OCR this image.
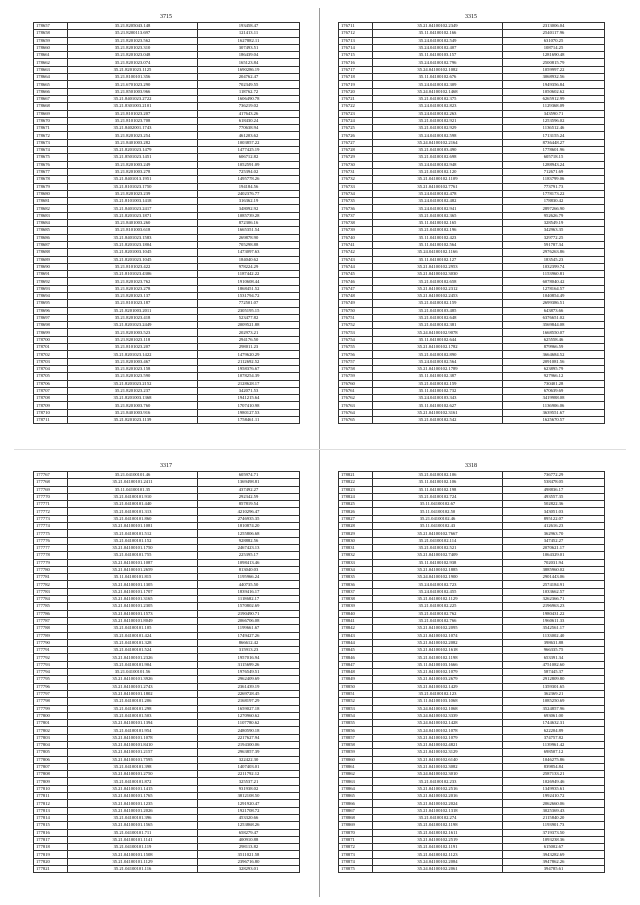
3715
178657	35.21.8205043.148	193458.47
178658	35.21.8200113.697	121413.11
178659	35.21.8201023.562	1627882.11
178660	35.21.8201023.310	307493.51
178661	35.21.8201023.048	186439.04
178662	35.21.8201023.074	165123.84
178663	35.21.8201023.1125	1690286.19
178664	35.21.8100101.356	204762.47
178665	35.21.6701023.290	702349.55
178666	35.21.8501003.966	118762.72
178667	35.21.8401023.2722	1606490.78
178668	35.21.8301003.2101	736219.02
178669	35.21.8101023.207	417643.26
178670	35.21.8101023.708	618430.24
178671	35.21.8402001.1743	770638.94
178672	35.21.8201023.254	461203.62
178673	35.21.8401003.282	1003857.22
178674	35.21.8201023.1479	1477425.19
178675	35.21.8501023.1451	606712.82
178676	35.21.8201003.249	1052591.09
178677	35.21.8201003.278	725394.02
178678	35.21.8401013.1951	1495778.26
178679	35.21.8101023.1750	194184.56
178680	35.21.8201023.239	2402376.77
178681	35.21.8101003.1418	316362.19
178682	35.21.8401023.2417	348092.92
178683	35.21.8201023.1871	1085739.28
178684	35.21.8401003.260	872306.16
178685	35.21.8101003.618	1665351.54
178686	35.21.8401023.1583	269878.90
178687	35.21.8201023.1804	705298.88
178688	35.21.8201003.1045	1473097.63
178689	35.21.8201023.1045	184040.62
178690	35.21.8101023.422	978224.29
178691	35.21.8101023.4306	1187442.22
178692	35.21.8201023.762	1910608.44
178693	35.21.8201023.278	1868451.52
178694	35.21.8201023.137	1531794.72
178695	35.21.8101023.187	772501.07
178696	35.21.8201003.2011	2305195.15
178697	35.21.8201023.418	523477.82
178698	35.21.8201023.2449	2009521.88
178699	35.21.8201003.523	202973.21
178700	35.21.8201023.118	294176.50
178701	35.21.8101023.207	298011.23
178702	35.21.8201023.1422	1479620.29
178703	35.21.8201003.467	2112692.52
178704	35.21.8201023.158	1958376.67
178705	35.21.8201023.590	1078254.39
178706	35.21.8201023.2152	2128628.17
178707	35.21.8201023.237	342071.53
178708	35.21.8201003.1368	1941215.64
178709	35.21.8201003.760	1707410.98
178710	35.21.8401003.916	1980127.53
178711	35.21.8201023.1139	1758461.11
3315
176711	35.21.04100102.2349	2313006.04
176712	35.11.04100102.166	2540117.96
176713	35.24.04100102.549	631070.25
176714	35.24.04100102.407	108714.25
176715	35.11.04100103.157	1281690.48
176716	35.24.04100102.796	2500815.79
176717	35.24.04100102.1082	1059997.22
176718	35.11.04100102.676	3068932.56
176719	35.24.04100102.309	1949356.84
176720	35.24.04100102.1468	1050602.62
176721	35.21.04100102.375	6265912.99
176722	35.24.04100102.823	1129368.09
176723	35.24.04100102.263	343590.71
176724	35.21.04100102.921	1253596.02
176725	35.21.04100102.929	1136512.46
176726	35.24.04100102.598	1713155.24
176727	35.24.04100102.2164	8736448.27
176728	35.21.04100103.490	1778601.96
176729	35.21.04100102.698	605718.15
176730	35.24.04100102.948	1288943.24
176731	35.21.04100102.120	712671.69
176732	35.21.04100102.1109	1183799.06
176733	35.21.04100102.7761	773791.73
176734	35.24.04100102.478	1778173.22
176735	35.24.04100102.482	178830.42
176736	35.24.04100102.941	2897266.90
176737	35.21.04100102.365	952626.79
176738	35.11.04100102.165	328549.19
176739	35.21.04100102.196	342963.35
176740	35.11.04100102.423	329772.25
176741	35.11.04100102.564	591787.34
176742	35.24.04100102.1166	2976263.86
176743	35.11.04100102.127	183545.23
176744	35.21.04100102.2953	1032399.74
176745	35.21.04100102.3030	1153960.81
176746	35.21.04100102.658	6078040.42
176747	35.21.04100102.2312	1278164.57
176748	35.21.04100102.2453	1040854.49
176749	35.21.04100102.159	2699386.51
176750	35.21.04100103.485	643873.66
176751	35.21.04100102.648	6376651.02
176752	35.21.04100102.381	3569844.08
176753	35.24.04100102.9078	1668550.07
176754	35.11.04100102.644	625558.46
176755	35.21.04100102.1782	879966.59
176756	35.21.04100102.890	3664684.52
176757	35.24.04100102.564	2091081.56
176758	35.21.04100102.1789	623895.79
176759	35.11.04100102.387	927966.12
176760	35.21.04100102.159	730401.28
176761	35.11.04100102.732	670639.69
176762	35.24.04100103.343	3419988.08
176763	35.11.04100102.627	1136906.06
176764	35.21.04100102.3161	3639551.67
176765	35.21.04100102.542	1625670.57
3317
177767	35.21.04100101.46	605974.71
177768	35.21.04100101.2411	1369498.81
177769	35.11.04100101.35	437492.27
177770	35.21.04100101.910	292342.59
177771	35.21.04100101.440	857819.54
177772	35.21.04100101.313	4210296.47
177773	35.21.04100101.860	2746935.35
177774	35.21.04100101.1081	1810874.20
177775	35.21.04100101.512	1255806.68
177776	35.21.04100101.152	928882.56
177777	35.21.04100101.1750	2467423.13
177778	35.21.04100101.755	225395.17
177779	35.21.04100101.1087	1098413.46
177780	35.21.04100101.2659	813040.03
177781	35.11.04100101.815	1195966.24
177782	35.21.04100101.1305	440735.50
177783	35.21.04100101.1707	1839416.17
177784	35.21.04100101.3165	1118682.17
177785	35.21.04100101.2305	1570802.69
177786	35.21.04100101.1573	2190490.71
177787	35.21.04100101.8049	2066706.08
177788	35.21.04100101.105	1199661.67
177789	35.21.04100101.424	1749427.26
177790	35.21.04100101.328	866612.42
177791	35.21.04100101.524	315913.23
177792	35.21.04100101.2326	1957016.94
177793	35.21.04100101.904	3115699.26
177794	35.21.04100101.56	1976549.51
177795	35.21.04100101.3926	2962409.69
177796	35.21.04100101.2743	2361439.19
177797	35.21.04100101.1802	2269728.45
177798	35.21.04100101.206	2168197.29
177799	35.21.04100101.298	1659027.18
177800	35.21.04100101.503	1270960.62
177801	35.21.04100101.1394	1107780.62
177802	35.21.04100101.954	2480590.18
177803	35.21.04100101.1078	2217627.94
177804	35.21.04100101.8410	2194300.06
177805	35.21.04100101.2157	2963857.39
177806	35.21.04100101.7595	322422.30
177807	35.21.04100101.398	1407403.01
177808	35.21.04100101.2750	2211792.12
177809	35.21.04100101.872	325537.21
177810	35.21.04100101.1415	931938.02
177811	35.21.04100101.1765	3812108.50
177812	35.21.04100101.1235	1291920.47
177813	35.21.04100101.2026	1921708.72
177814	35.21.04100101.396	453320.66
177815	35.21.04100101.1565	1253868.26
177816	35.21.04100101.711	658279.47
177817	35.21.04100101.1141	400910.88
177818	35.21.04100101.119	298113.82
177819	35.21.04100101.1508	3511021.58
177820	35.21.04100101.1129	2396716.80
177821	35.21.04100101.116	328293.01
3318
178821	35.21.04100102.106	736772.29
178822	35.11.04100102.106	538478.05
178823	35.11.04100102.198	498836.17
178824	35.21.04100102.724	493557.35
178825	35.11.04100102.67	502822.36
178826	35.11.04100102.50	343051.03
178827	35.21.04100102.46	895122.07
178828	35.11.04100102.43	412616.23
178829	35.21.04100102.7667	362963.70
178830	35.21.04100102.114	347452.27
178831	35.21.04100102.521	2070621.17
178832	35.21.04100102.7409	1064329.01
178833	35.11.04100102.938	702031.94
178834	35.21.04100102.1885	3885960.02
178835	35.24.04100102.1900	2901443.06
178836	35.24.04100102.723	2574184.91
178837	35.24.04100102.455	1033662.57
178838	35.21.04100102.1129	3262366.71
178839	35.21.04100102.225	2196963.23
178840	35.21.04100102.762	1980431.22
178841	35.21.04100102.766	1960611.33
178842	35.21.04100102.2095	3542561.17
178843	35.21.04100102.1074	1133002.40
178844	35.21.04100102.2082	398631.88
178845	35.21.04100102.1618	966335.75
178846	35.21.04100102.1198	653391.34
178847	35.11.04100103.1666	4751082.60
178848	35.21.04100102.1079	587445.37
178849	35.21.04100103.2679	2912809.80
178850	35.21.04100102.1429	1359301.65
178851	35.21.04100102.123	362369.21
178852	35.11.04100103.1068	1085250.69
178853	35.24.04100102.1068	3524857.96
178854	35.24.04100102.3339	693061.00
178855	35.24.04100102.1428	1744632.31
178856	35.24.04100102.1078	622204.89
178857	35.21.04100102.1079	374757.82
178858	35.21.04100102.4821	1139961.42
178859	35.21.04100102.3129	698507.12
178860	35.21.04100102.6140	1046275.86
178861	35.21.04100102.3082	839854.84
178862	35.24.04100102.3010	2587133.21
178863	35.21.04100102.233	1026949.46
178864	35.21.04100102.2516	1349935.61
178865	35.21.04100102.2016	1992410.72
178866	35.21.04100102.2024	2062660.06
178867	35.21.04100102.1318	3025369.43
178868	35.21.04100102.274	2115840.20
178869	35.21.04100102.1198	1193901.73
178870	35.21.04100102.1611	3719373.50
178871	35.21.04100102.2519	1093238.36
178872	35.21.04100102.1191	615002.67
178873	35.21.04100102.1123	3943282.69
178874	35.24.04100102.2084	3947862.26
178875	35.24.04100102.2061	394785.61
